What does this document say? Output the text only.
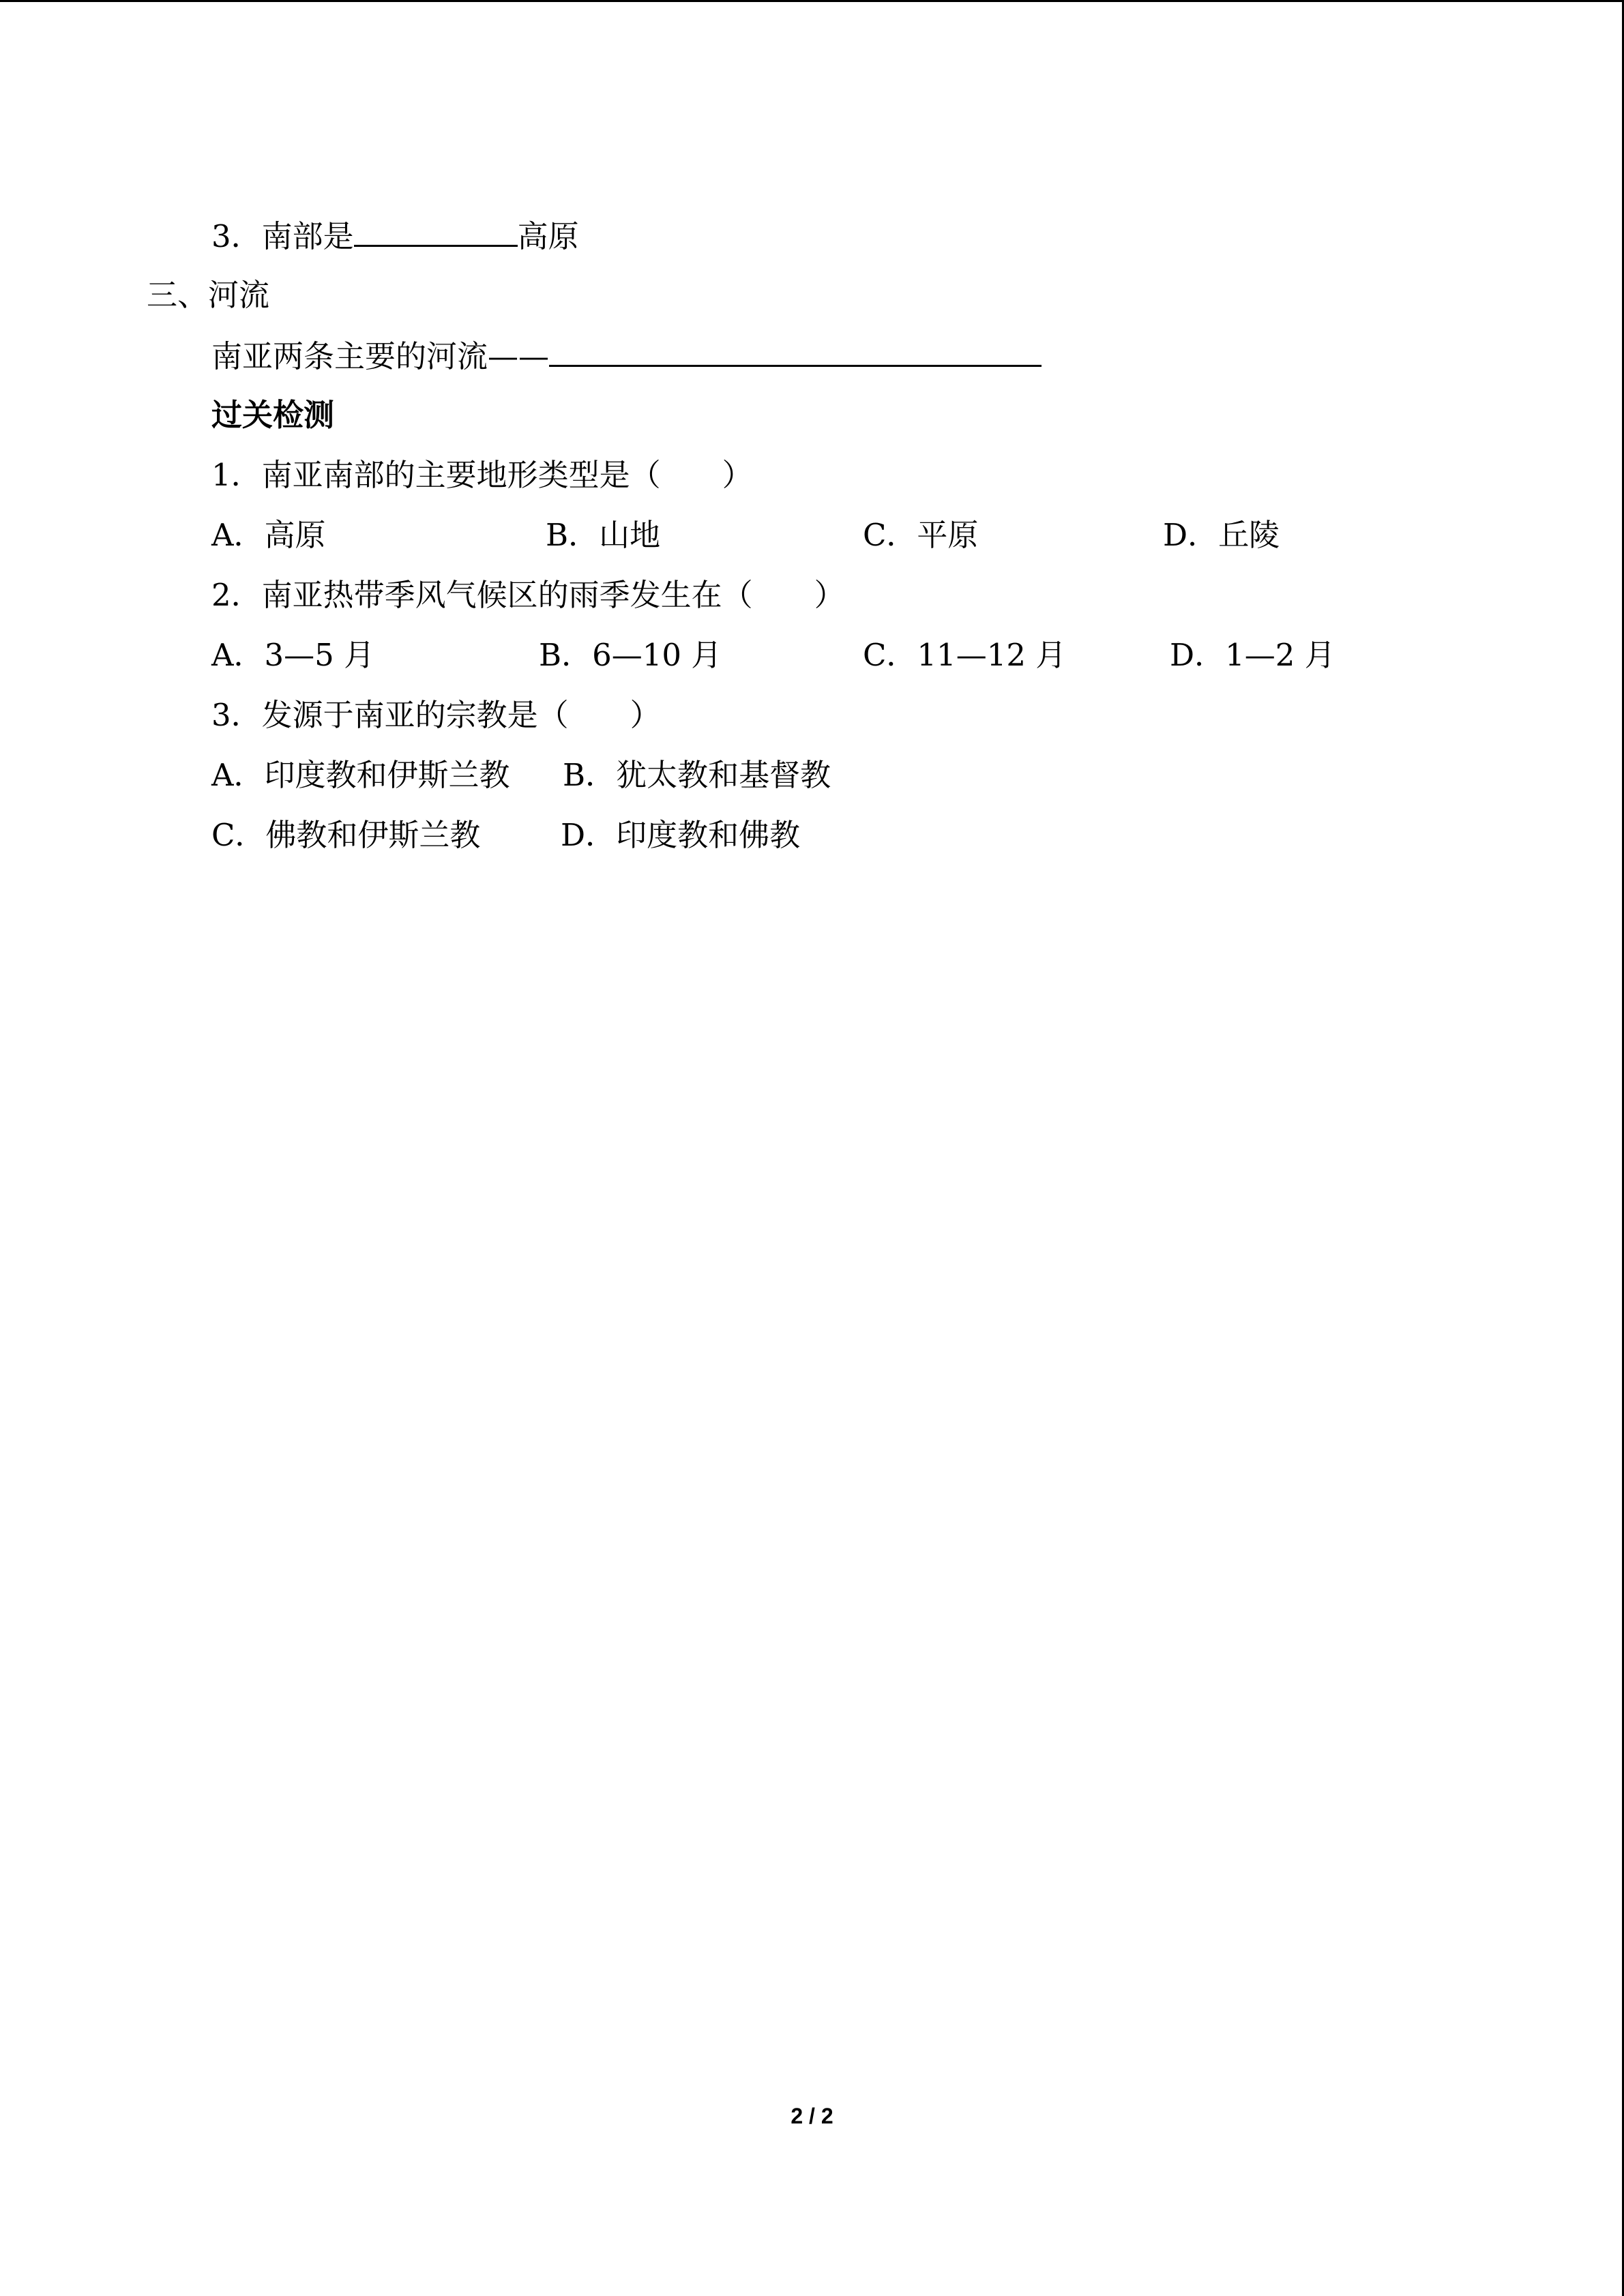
3．南部是	高原
三、河流
南亚两条主要的河流——
过关检测
1．南亚南部的主要地形类型是（　　）
A．高原	B．山地	C．平原	D．丘陵
2．南亚热带季风气候区的雨季发生在（　　）
A．3—5 月	B．6—10 月	C．11—12 月	D．1—2 月
3．发源于南亚的宗教是（　　）
A．印度教和伊斯兰教 B．犹太教和基督教
C．佛教和伊斯兰教	D．印度教和佛教
2 / 2
